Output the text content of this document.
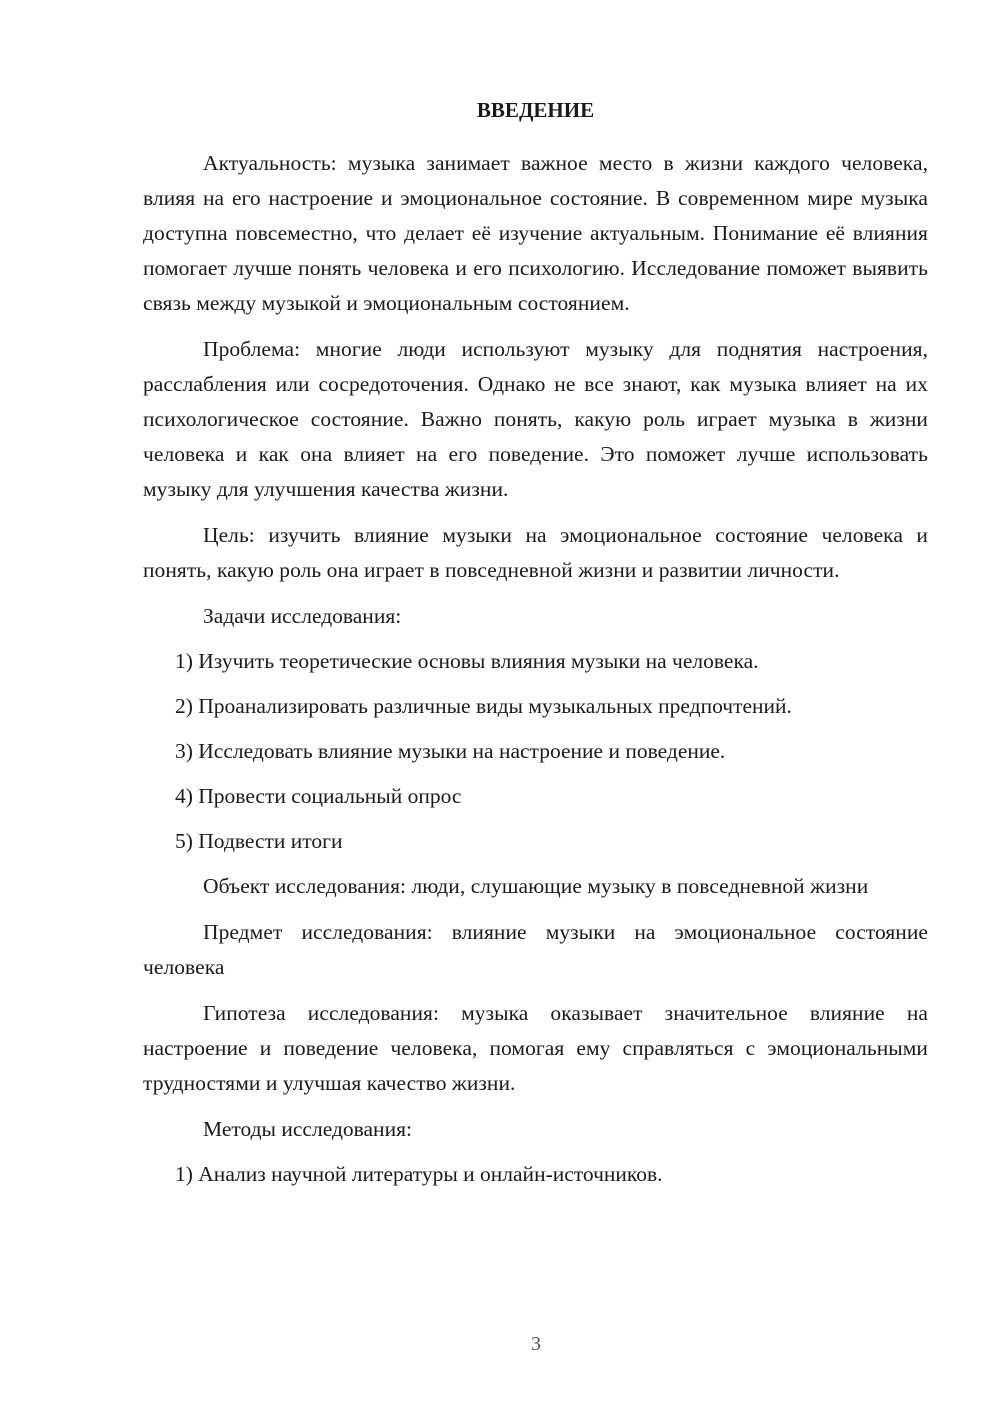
ВВЕДЕНИЕ

Актуальность: музыка занимает важное место в жизни каждого человека, влияя на его настроение и эмоциональное состояние. В современном мире музыка доступна повсеместно, что делает её изучение актуальным. Понимание её влияния помогает лучше понять человека и его психологию. Исследование поможет выявить связь между музыкой и эмоциональным состоянием.

Проблема: многие люди используют музыку для поднятия настроения, расслабления или сосредоточения. Однако не все знают, как музыка влияет на их психологическое состояние. Важно понять, какую роль играет музыка в жизни человека и как она влияет на его поведение. Это поможет лучше использовать музыку для улучшения качества жизни.

Цель: изучить влияние музыки на эмоциональное состояние человека и понять, какую роль она играет в повседневной жизни и развитии личности.

Задачи исследования:

1) Изучить теоретические основы влияния музыки на человека.

2) Проанализировать различные виды музыкальных предпочтений.

3) Исследовать влияние музыки на настроение и поведение.

4) Провести социальный опрос

5) Подвести итоги

Объект исследования: люди, слушающие музыку в повседневной жизни

Предмет исследования: влияние музыки на эмоциональное состояние человека

Гипотеза исследования: музыка оказывает значительное влияние на настроение и поведение человека, помогая ему справляться с эмоциональными трудностями и улучшая качество жизни.

Методы исследования:

1) Анализ научной литературы и онлайн-источников.

3
